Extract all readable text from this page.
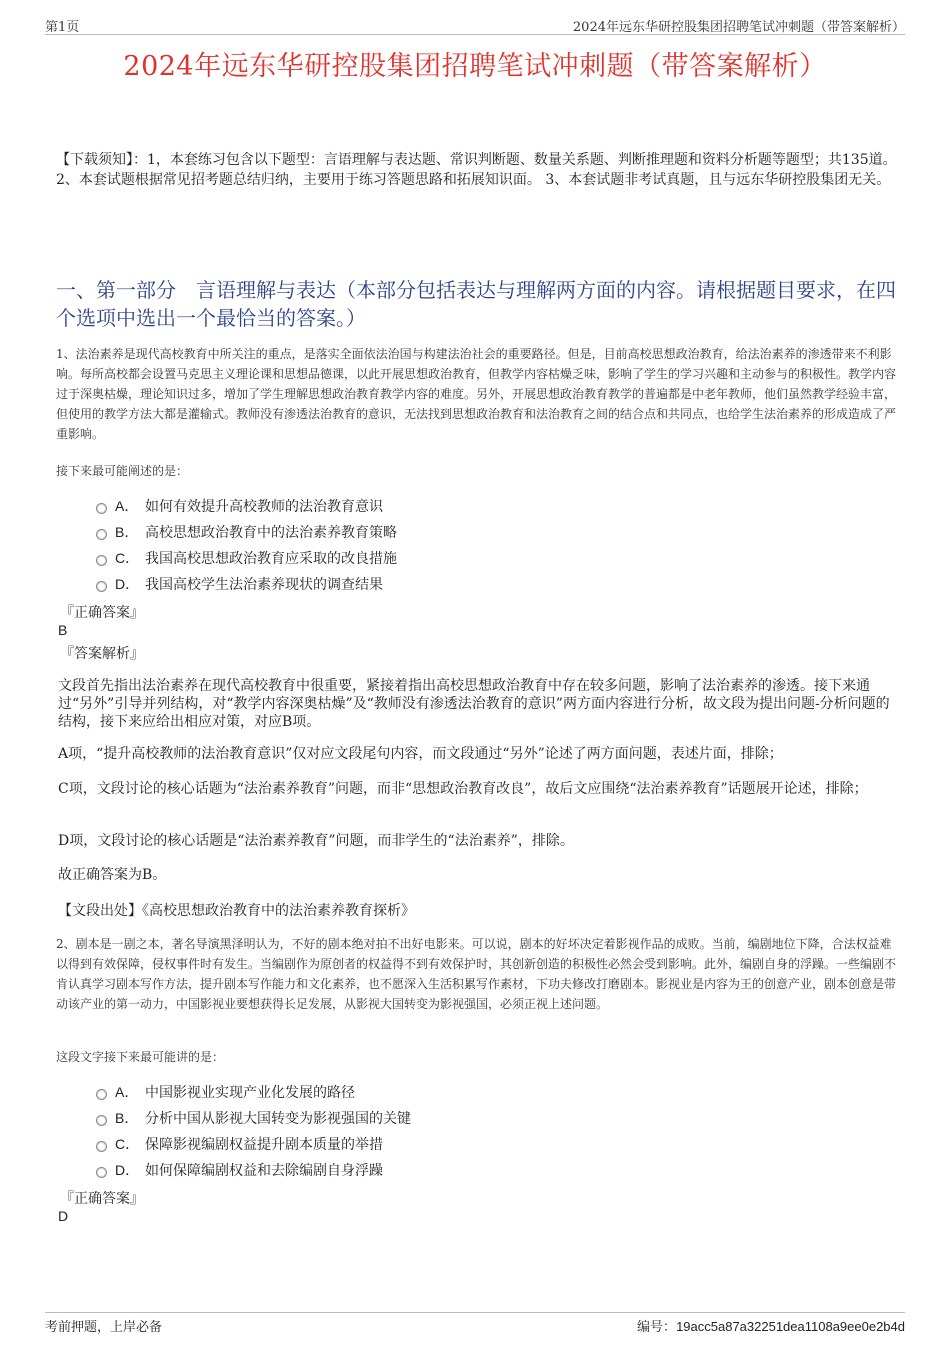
第1页	2024年远东华研控股集团招聘笔试冲刺题（带答案解析）
2024年远东华研控股集团招聘笔试冲刺题（带答案解析）
【下载须知】：1，本套练习包含以下题型：言语理解与表达题、常识判断题、数量关系题、判断推理题和资料分析题等题型；共135道。 2、本套试题根据常见招考题总结归纳，主要用于练习答题思路和拓展知识面。 3、本套试题非考试真题，且与远东华研控股集团无关。
一、第一部分　言语理解与表达（本部分包括表达与理解两方面的内容。请根据题目要求，在四个选项中选出一个最恰当的答案。）
1、法治素养是现代高校教育中所关注的重点，是落实全面依法治国与构建法治社会的重要路径。但是，目前高校思想政治教育，给法治素养的渗透带来不利影响。每所高校都会设置马克思主义理论课和思想品德课，以此开展思想政治教育，但教学内容枯燥乏味，影响了学生的学习兴趣和主动参与的积极性。教学内容过于深奥枯燥，理论知识过多，增加了学生理解思想政治教育教学内容的难度。另外，开展思想政治教育教学的普遍都是中老年教师，他们虽然教学经验丰富，但使用的教学方法大都是灌输式。教师没有渗透法治教育的意识，无法找到思想政治教育和法治教育之间的结合点和共同点，也给学生法治素养的形成造成了严重影响。
接下来最可能阐述的是：
A． 如何有效提升高校教师的法治教育意识
B． 高校思想政治教育中的法治素养教育策略
C． 我国高校思想政治教育应采取的改良措施
D． 我国高校学生法治素养现状的调查结果
『正确答案』
B
『答案解析』
文段首先指出法治素养在现代高校教育中很重要，紧接着指出高校思想政治教育中存在较多问题，影响了法治素养的渗透。接下来通过“另外”引导并列结构，对“教学内容深奥枯燥”及“教师没有渗透法治教育的意识”两方面内容进行分析，故文段为提出问题-分析问题的结构，接下来应给出相应对策，对应B项。
A项，“提升高校教师的法治教育意识”仅对应文段尾句内容，而文段通过“另外”论述了两方面问题，表述片面，排除；
C项，文段讨论的核心话题为“法治素养教育”问题，而非“思想政治教育改良”，故后文应围绕“法治素养教育”话题展开论述，排除；
D项，文段讨论的核心话题是“法治素养教育”问题，而非学生的“法治素养”，排除。
故正确答案为B。
【文段出处】《高校思想政治教育中的法治素养教育探析》
2、剧本是一剧之本，著名导演黑泽明认为，不好的剧本绝对拍不出好电影来。可以说，剧本的好坏决定着影视作品的成败。当前，编剧地位下降，合法权益难以得到有效保障，侵权事件时有发生。当编剧作为原创者的权益得不到有效保护时，其创新创造的积极性必然会受到影响。此外，编剧自身的浮躁。一些编剧不肯认真学习剧本写作方法，提升剧本写作能力和文化素养，也不愿深入生活积累写作素材，下功夫修改打磨剧本。影视业是内容为王的创意产业，剧本创意是带动该产业的第一动力，中国影视业要想获得长足发展，从影视大国转变为影视强国，必须正视上述问题。
这段文字接下来最可能讲的是：
A． 中国影视业实现产业化发展的路径
B． 分析中国从影视大国转变为影视强国的关键
C． 保障影视编剧权益提升剧本质量的举措
D． 如何保障编剧权益和去除编剧自身浮躁
『正确答案』
D
考前押题，上岸必备	编号：19acc5a87a32251dea1108a9ee0e2b4d
